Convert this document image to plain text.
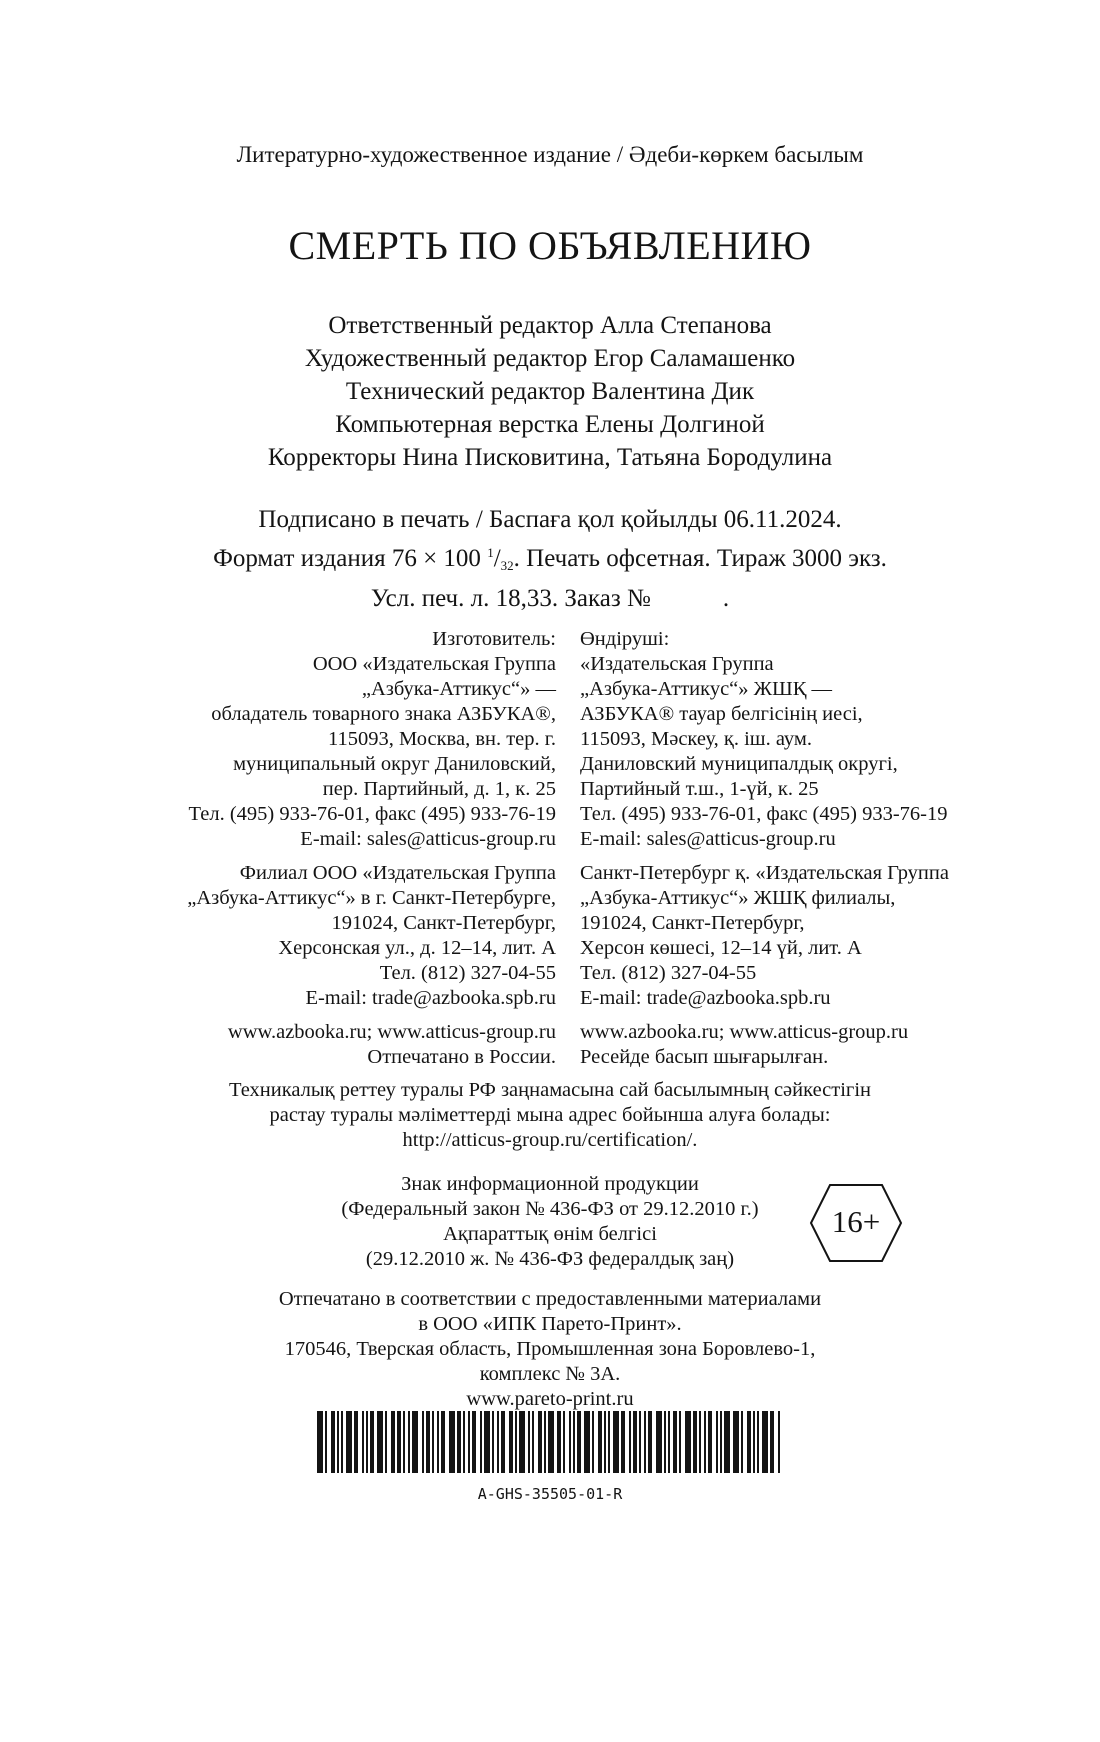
Литературно-художественное издание / Әдеби-көркем басылым
СМЕРТЬ ПО ОБЪЯВЛЕНИЮ
Ответственный редактор Алла Степанова
Художественный редактор Егор Саламашенко
Технический редактор Валентина Дик
Компьютерная верстка Елены Долгиной
Корректоры Нина Писковитина, Татьяна Бородулина
Подписано в печать / Баспаға қол қойылды 06.11.2024.
Формат издания 76 × 100 $^1/_{32}$. Печать офсетная. Тираж 3000 экз.
Усл. печ. л. 18,33. Заказ №	.
Изготовитель:
ООО «Издательская Группа
„Азбука-Аттикус“» —
обладатель товарного знака АЗБУКА®,
115093, Москва, вн. тер. г.
муниципальный округ Даниловский,
пер. Партийный, д. 1, к. 25
Тел. (495) 933-76-01, факс (495) 933-76-19
E-mail: sales@atticus-group.ru
Филиал ООО «Издательская Группа
„Азбука-Аттикус“» в г. Санкт-Петербурге,
191024, Санкт-Петербург,
Херсонская ул., д. 12–14, лит. А
Тел. (812) 327-04-55
E-mail: trade@azbooka.spb.ru
www.azbooka.ru; www.atticus-group.ru
Отпечатано в России.
Өндіруші:
«Издательская Группа
„Азбука-Аттикус“» ЖШҚ —
АЗБУКА® тауар белгісінің иесі,
115093, Мәскеу, қ. іш. аум.
Даниловский муниципалдық округі,
Партийный т.ш., 1-үй, к. 25
Тел. (495) 933-76-01, факс (495) 933-76-19
E-mail: sales@atticus-group.ru
Санкт-Петербург қ. «Издательская Группа
„Азбука-Аттикус“» ЖШҚ филиалы,
191024, Санкт-Петербург,
Херсон көшесі, 12–14 үй, лит. А
Тел. (812) 327-04-55
E-mail: trade@azbooka.spb.ru
www.azbooka.ru; www.atticus-group.ru
Ресейде басып шығарылған.
Техникалық реттеу туралы РФ заңнамасына сай басылымның сәйкестігін
растау туралы мәліметтерді мына адрес бойынша алуға болады:
http://atticus-group.ru/certification/.
Знак информационной продукции
(Федеральный закон № 436-ФЗ от 29.12.2010 г.)
Ақпараттық өнім белгісі
(29.12.2010 ж. № 436-ФЗ федералдық заң)
16+
Отпечатано в соответствии с предоставленными материалами
в ООО «ИПК Парето-Принт».
170546, Тверская область, Промышленная зона Боровлево-1,
комплекс № 3А.
www.pareto-print.ru
A-GHS-35505-01-R
